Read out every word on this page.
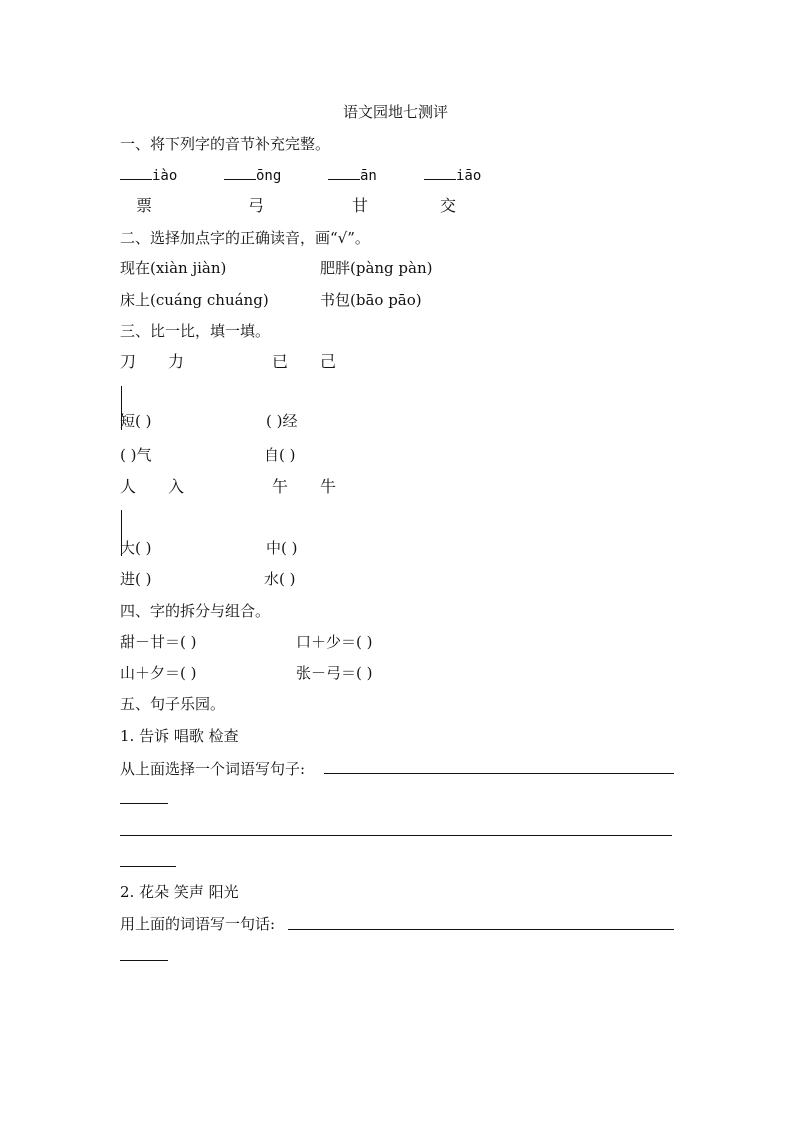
语文园地七测评
一、将下列字的音节补充完整。
iào	ōng	ān	iāo
票	弓	甘	交
二、选择加点字的正确读音，画“√”。
现在(xiàn jiàn)	肥胖(pàng pàn)
床上(cuáng chuáng)	书包(bāo pāo)
三、比一比，填一填。
刀 力	已 己
短( )	( )经
( )气	自( )
人 入	午 牛
大( )	中( )
进( )	水( )
四、字的拆分与组合。
甜－甘＝( )	口＋少＝( )
山＋夕＝( )	张－弓＝( )
五、句子乐园。
1. 告诉 唱歌 检查
从上面选择一个词语写句子:
2. 花朵 笑声 阳光
用上面的词语写一句话:
